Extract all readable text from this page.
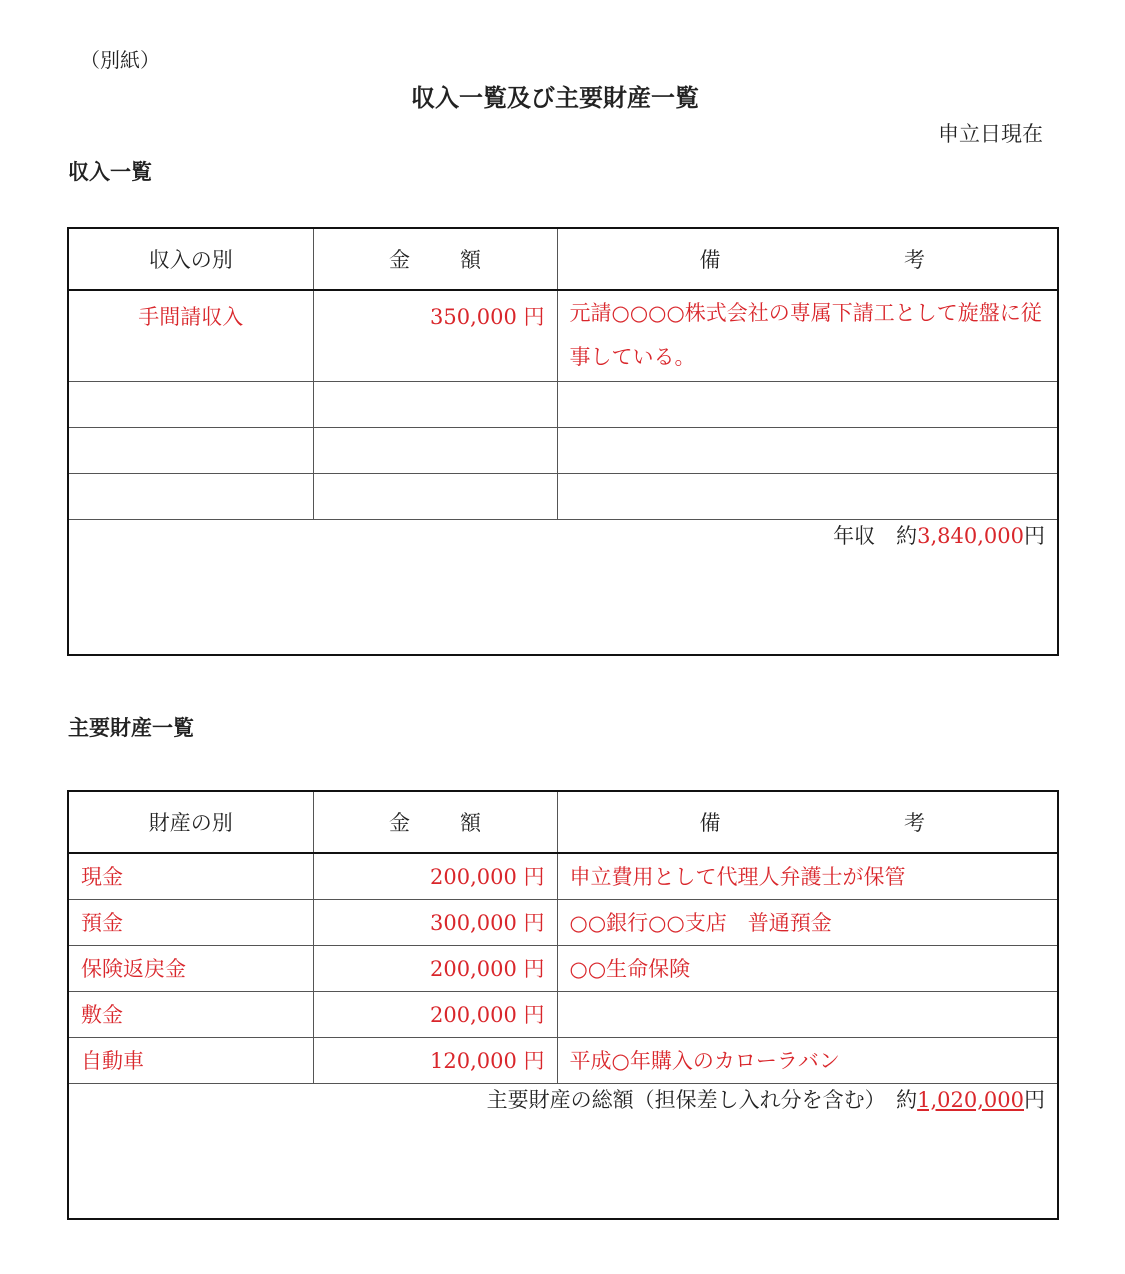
（別紙）
収入一覧及び主要財産一覧
申立日現在
収入一覧
収入の別	金 額	備 考

手間請収入	350,000 円	元請○○○○株式会社の専属下請工として旋盤に従事している。

年収　約3,840,000円		
主要財産一覧
財産の別	金 額	備 考

現金	200,000 円	申立費用として代理人弁護士が保管
預金	300,000 円	○○銀行○○支店　普通預金
保険返戻金	200,000 円	○○生命保険
敷金	200,000 円	
自動車	120,000 円	平成○年購入のカローラバン
主要財産の総額（担保差し入れ分を含む）　約1,020,000円		
